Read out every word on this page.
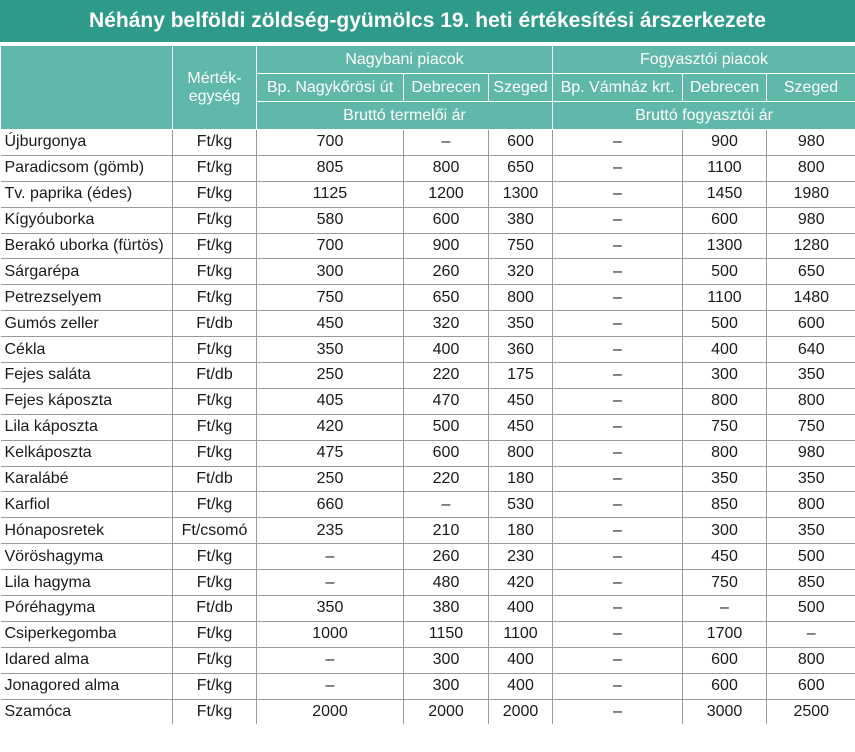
Néhány belföldi zöldség-gyümölcs 19. heti értékesítési árszerkezete
	Mérték-egység	Nagybani piacok			Fogyasztói piacok		
		Bp. Nagykőrösi út	Debrecen	Szeged	Bp. Vámház krt.	Debrecen	Szeged
		Bruttó termelői ár			Bruttó fogyasztói ár		
Újburgonya	Ft/kg	700	–	600	–	900	980
Paradicsom (gömb)	Ft/kg	805	800	650	–	1100	800
Tv. paprika (édes)	Ft/kg	1125	1200	1300	–	1450	1980
Kígyóuborka	Ft/kg	580	600	380	–	600	980
Berakó uborka (fürtös)	Ft/kg	700	900	750	–	1300	1280
Sárgarépa	Ft/kg	300	260	320	–	500	650
Petrezselyem	Ft/kg	750	650	800	–	1100	1480
Gumós zeller	Ft/db	450	320	350	–	500	600
Cékla	Ft/kg	350	400	360	–	400	640
Fejes saláta	Ft/db	250	220	175	–	300	350
Fejes káposzta	Ft/kg	405	470	450	–	800	800
Lila káposzta	Ft/kg	420	500	450	–	750	750
Kelkáposzta	Ft/kg	475	600	800	–	800	980
Karalábé	Ft/db	250	220	180	–	350	350
Karfiol	Ft/kg	660	–	530	–	850	800
Hónaposretek	Ft/csomó	235	210	180	–	300	350
Vöröshagyma	Ft/kg	–	260	230	–	450	500
Lila hagyma	Ft/kg	–	480	420	–	750	850
Póréhagyma	Ft/db	350	380	400	–	–	500
Csiperkegomba	Ft/kg	1000	1150	1100	–	1700	–
Idared alma	Ft/kg	–	300	400	–	600	800
Jonagored alma	Ft/kg	–	300	400	–	600	600
Szamóca	Ft/kg	2000	2000	2000	–	3000	2500
